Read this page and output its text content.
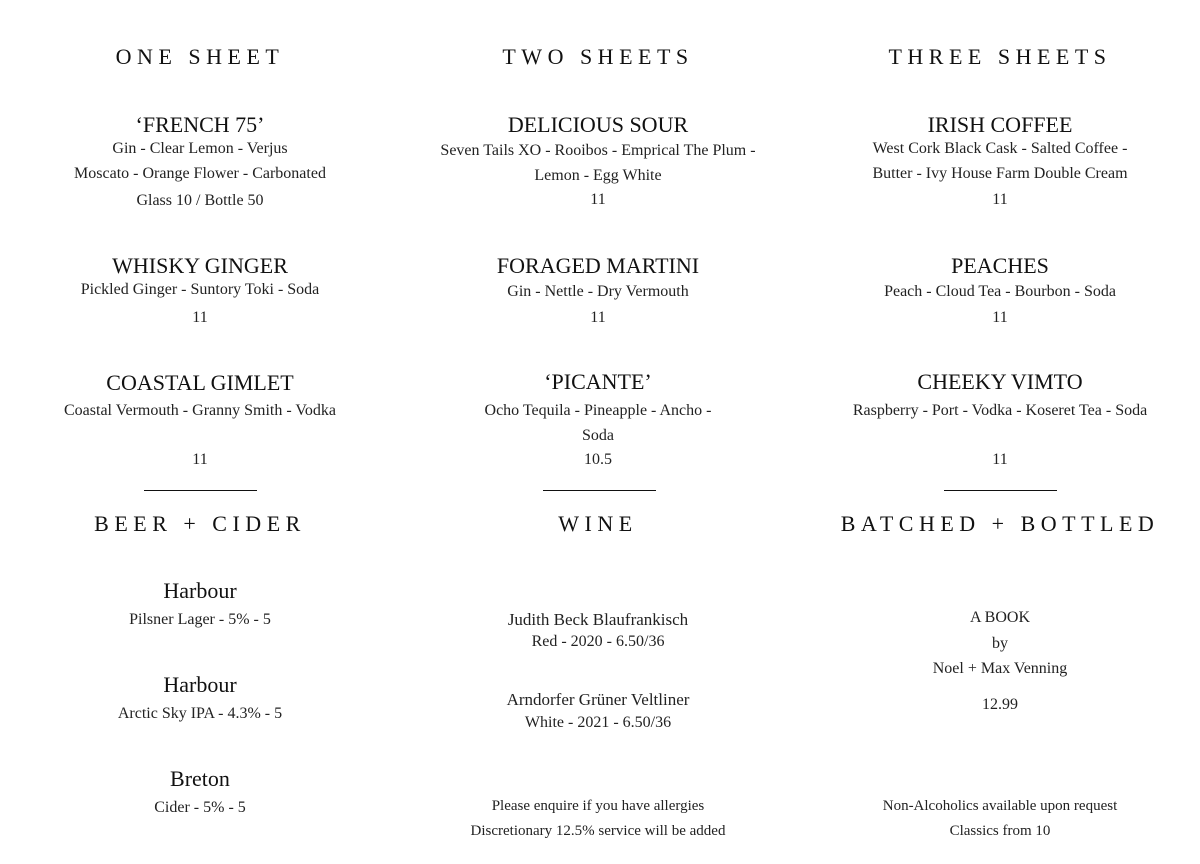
ONE SHEET
‘FRENCH 75’
Gin - Clear Lemon - Verjus
Moscato - Orange Flower - Carbonated
Glass 10 / Bottle 50
WHISKY GINGER
Pickled Ginger - Suntory Toki - Soda
11
COASTAL GIMLET
Coastal Vermouth - Granny Smith - Vodka
11
BEER + CIDER
Harbour
Pilsner Lager - 5% - 5
Harbour
Arctic Sky IPA - 4.3% - 5
Breton
Cider - 5% - 5
TWO SHEETS
DELICIOUS SOUR
Seven Tails XO - Rooibos - Emprical The Plum -
Lemon - Egg White
11
FORAGED MARTINI
Gin - Nettle - Dry Vermouth
11
‘PICANTE’
Ocho Tequila - Pineapple - Ancho -
Soda
10.5
WINE
Judith Beck Blaufrankisch
Red - 2020 - 6.50/36
Arndorfer Grüner Veltliner
White - 2021 - 6.50/36
Please enquire if you have allergies
Discretionary 12.5% service will be added
THREE SHEETS
IRISH COFFEE
West Cork Black Cask - Salted Coffee -
Butter - Ivy House Farm Double Cream
11
PEACHES
Peach - Cloud Tea - Bourbon - Soda
11
CHEEKY VIMTO
Raspberry - Port - Vodka - Koseret Tea - Soda
11
BATCHED + BOTTLED
A BOOK
by
Noel + Max Venning
12.99
Non-Alcoholics available upon request
Classics from 10
